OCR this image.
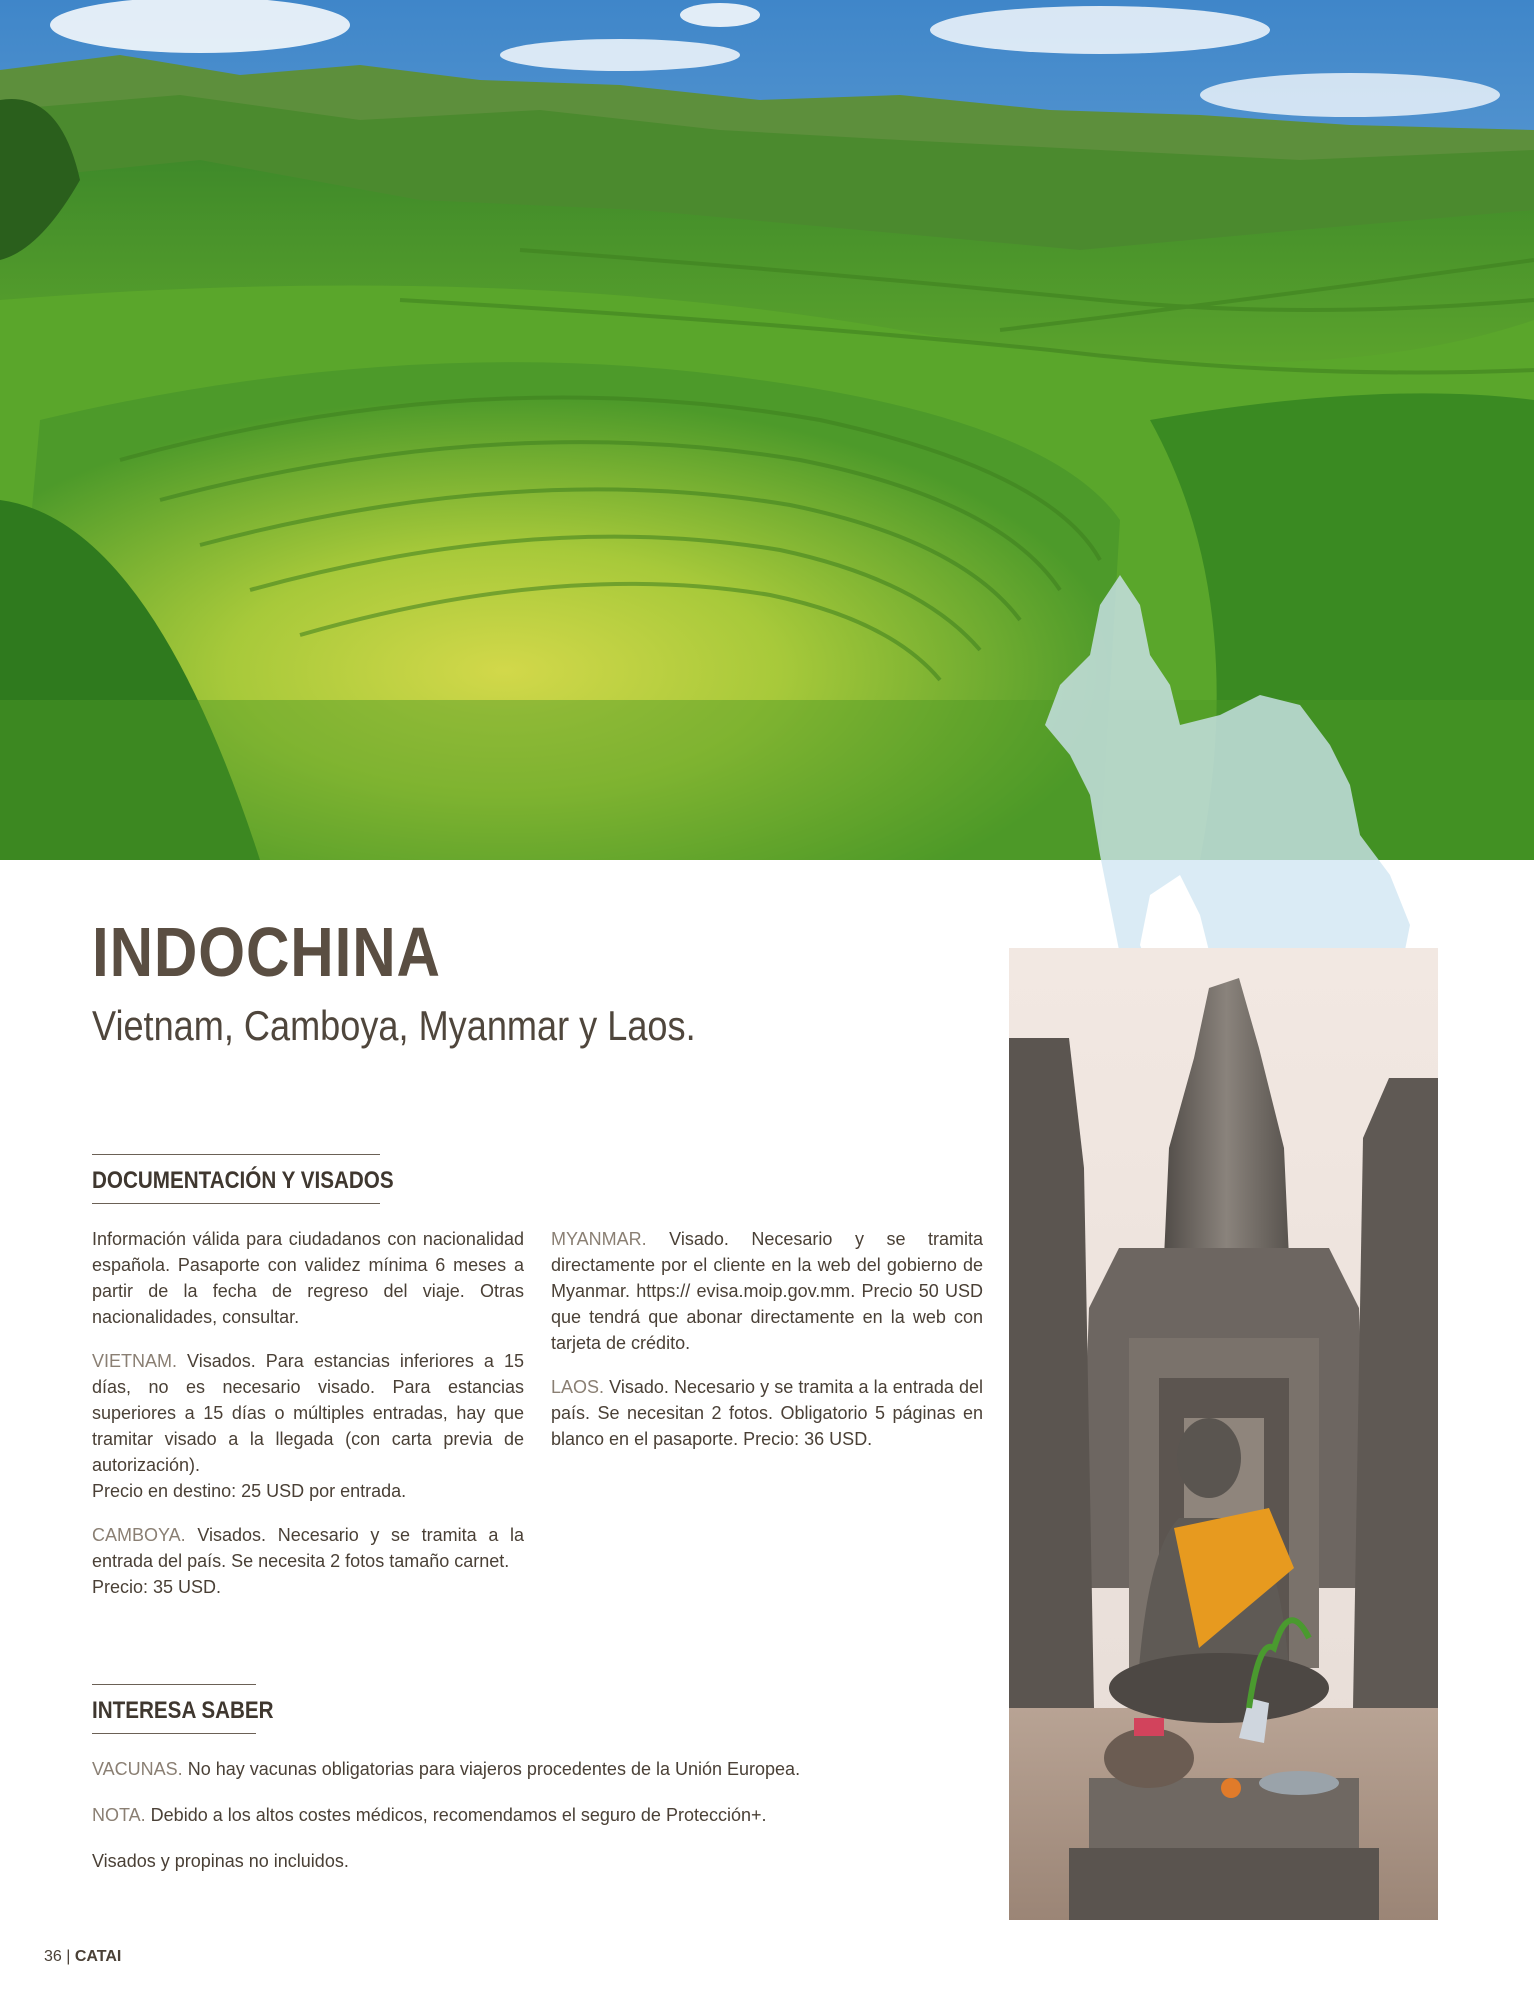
INDOCHINA
Vietnam, Camboya, Myanmar y Laos.
DOCUMENTACIÓN Y VISADOS

Información válida para ciudadanos con nacionalidad española. Pasaporte con validez mínima 6 meses a partir de la fecha de regreso del viaje. Otras nacionalidades, consultar.

VIETNAM. Visados. Para estancias inferiores a 15 días, no es necesario visado. Para estancias superiores a 15 días o múltiples entradas, hay que tramitar visado a la llegada (con carta previa de autorización).
Precio en destino: 25 USD por entrada.

CAMBOYA. Visados. Necesario y se tramita a la entrada del país. Se necesita 2 fotos tamaño carnet.
Precio: 35 USD.

MYANMAR. Visado. Necesario y se tramita directamente por el cliente en la web del gobierno de Myanmar. https:// evisa.moip.gov.mm. Precio 50 USD que tendrá que abonar directamente en la web con tarjeta de crédito.

LAOS. Visado. Necesario y se tramita a la entrada del país. Se necesitan 2 fotos. Obligatorio 5 páginas en blanco en el pasaporte. Precio: 36 USD.

INTERESA SABER

VACUNAS. No hay vacunas obligatorias para viajeros procedentes de la Unión Europea.

NOTA. Debido a los altos costes médicos, recomendamos el seguro de Protección+.

Visados y propinas no incluidos.

36 | CATAI
